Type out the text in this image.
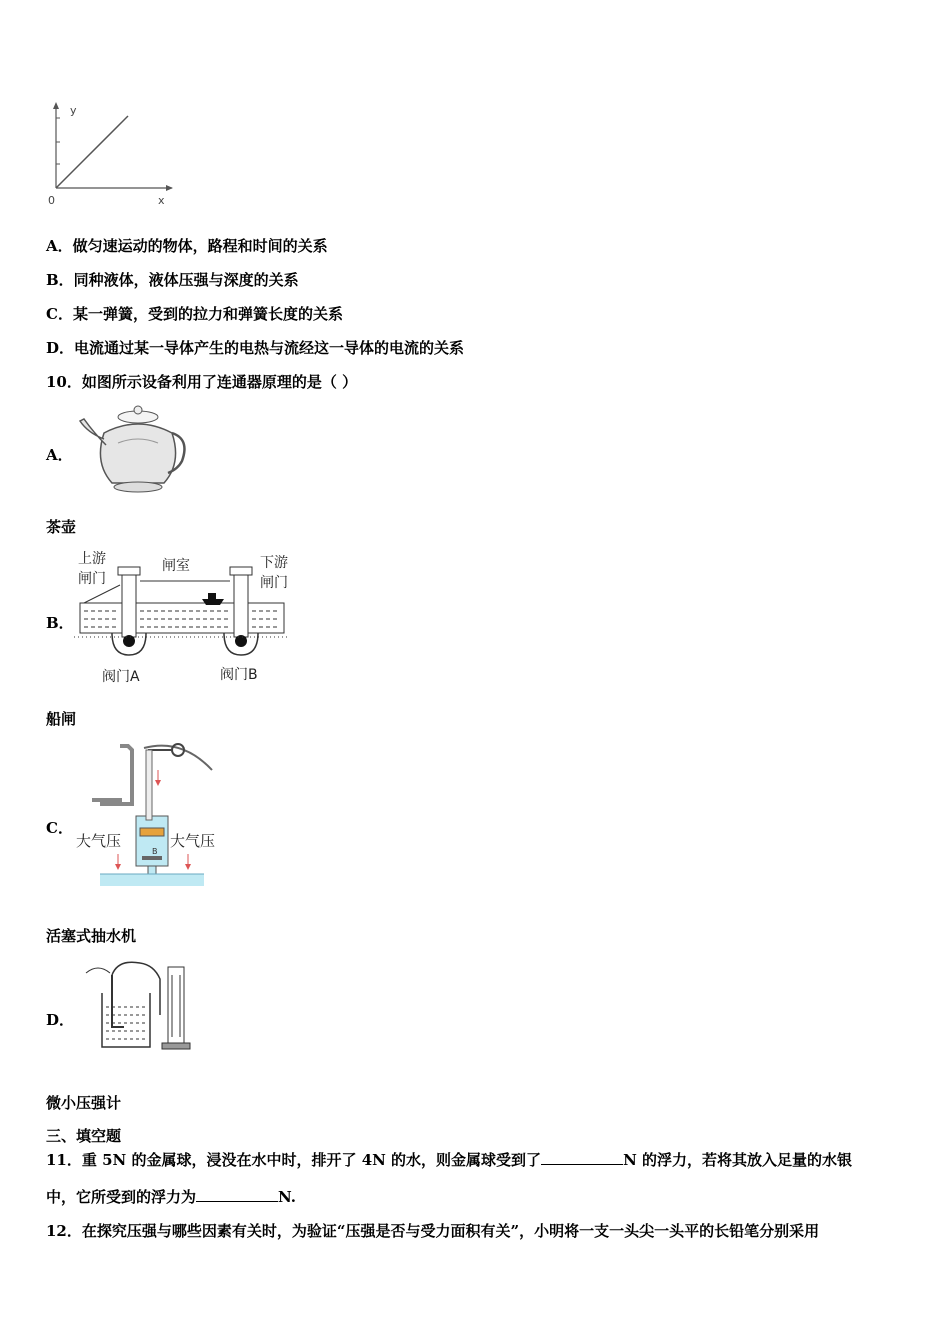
y
x
0
A．做匀速运动的物体，路程和时间的关系
B．同种液体，液体压强与深度的关系
C．某一弹簧，受到的拉力和弹簧长度的关系
D．电流通过某一导体产生的电热与流经这一导体的电流的关系
10．如图所示设备利用了连通器原理的是（ ）
A．
茶壶
B．
上游
闸门
闸室	下游
闸门
阀门A	阀门B
船闸
C．
B
大气压	大气压
活塞式抽水机
D．
微小压强计
三、填空题
11．重 5N 的金属球，浸没在水中时，排开了 4N 的水，则金属球受到了	N 的浮力，若将其放入足量的水银
中，它所受到的浮力为	N.
12．在探究压强与哪些因素有关时，为验证“压强是否与受力面积有关”，小明将一支一头尖一头平的长铅笔分别采用
